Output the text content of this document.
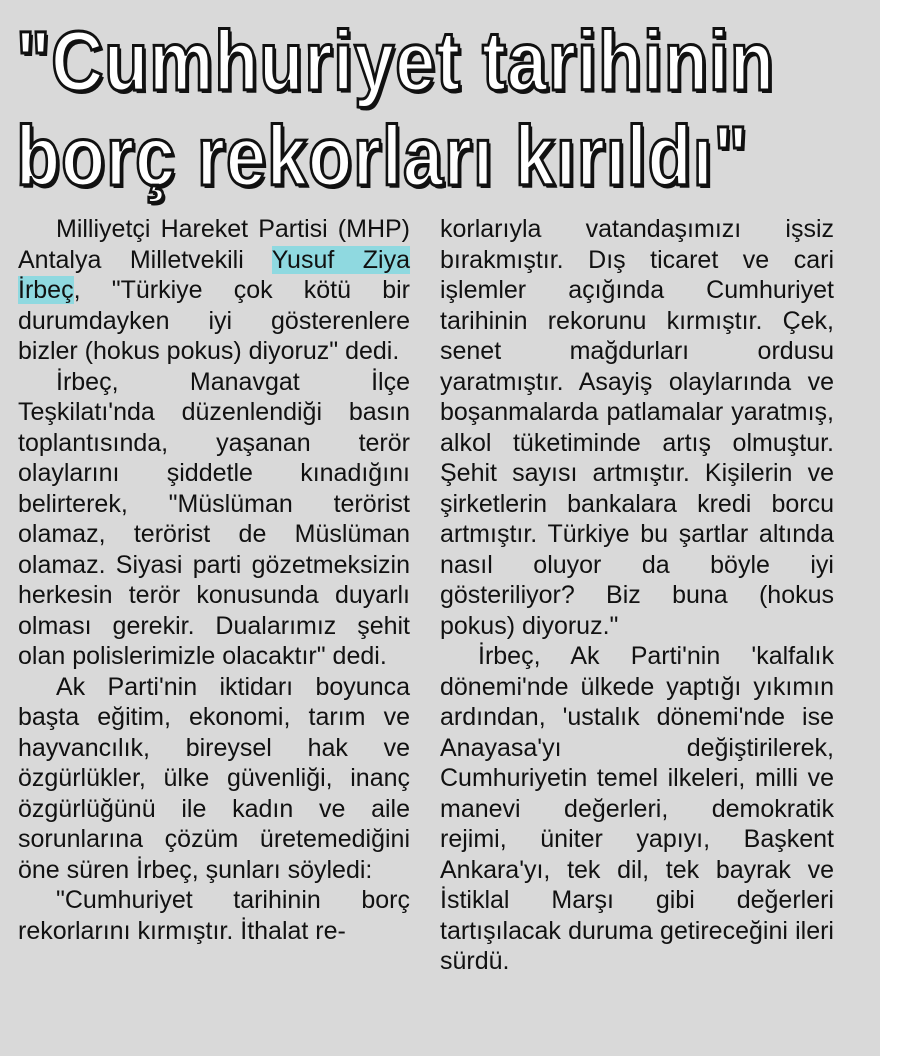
"Cumhuriyet tarihinin
borç rekorları kırıldı"

Milliyetçi Hareket Partisi (MHP) Antalya Milletvekili Yusuf Ziya İrbeç, "Türkiye çok kötü bir durumdayken iyi gösterenlere bizler (hokus pokus) diyoruz" dedi.

İrbeç, Manavgat İlçe Teşkilatı'nda düzenlendiği basın toplantısında, yaşanan terör olaylarını şiddetle kınadığını belirterek, "Müslüman terörist olamaz, terörist de Müslüman olamaz. Siyasi parti gözetmeksizin herkesin terör konusunda duyarlı olması gerekir. Dualarımız şehit olan polislerimizle olacaktır" dedi.

Ak Parti'nin iktidarı boyunca başta eğitim, ekonomi, tarım ve hayvancılık, bireysel hak ve özgürlükler, ülke güvenliği, inanç özgürlüğünü ile kadın ve aile sorunlarına çözüm üretemediğini öne süren İrbeç, şunları söyledi:

"Cumhuriyet tarihinin borç rekorlarını kırmıştır. İthalat re-

korlarıyla vatandaşımızı işsiz bırakmıştır. Dış ticaret ve cari işlemler açığında Cumhuriyet tarihinin rekorunu kırmıştır. Çek, senet mağdurları ordusu yaratmıştır. Asayiş olaylarında ve boşanmalarda patlamalar yaratmış, alkol tüketiminde artış olmuştur. Şehit sayısı artmıştır. Kişilerin ve şirketlerin bankalara kredi borcu artmıştır. Türkiye bu şartlar altında nasıl oluyor da böyle iyi gösteriliyor? Biz buna (hokus pokus) diyoruz."

İrbeç, Ak Parti'nin 'kalfalık dönemi'nde ülkede yaptığı yıkımın ardından, 'ustalık dönemi'nde ise Anayasa'yı değiştirilerek, Cumhuriyetin temel ilkeleri, milli ve manevi değerleri, demokratik rejimi, üniter yapıyı, Başkent Ankara'yı, tek dil, tek bayrak ve İstiklal Marşı gibi değerleri tartışılacak duruma getireceğini ileri sürdü.
